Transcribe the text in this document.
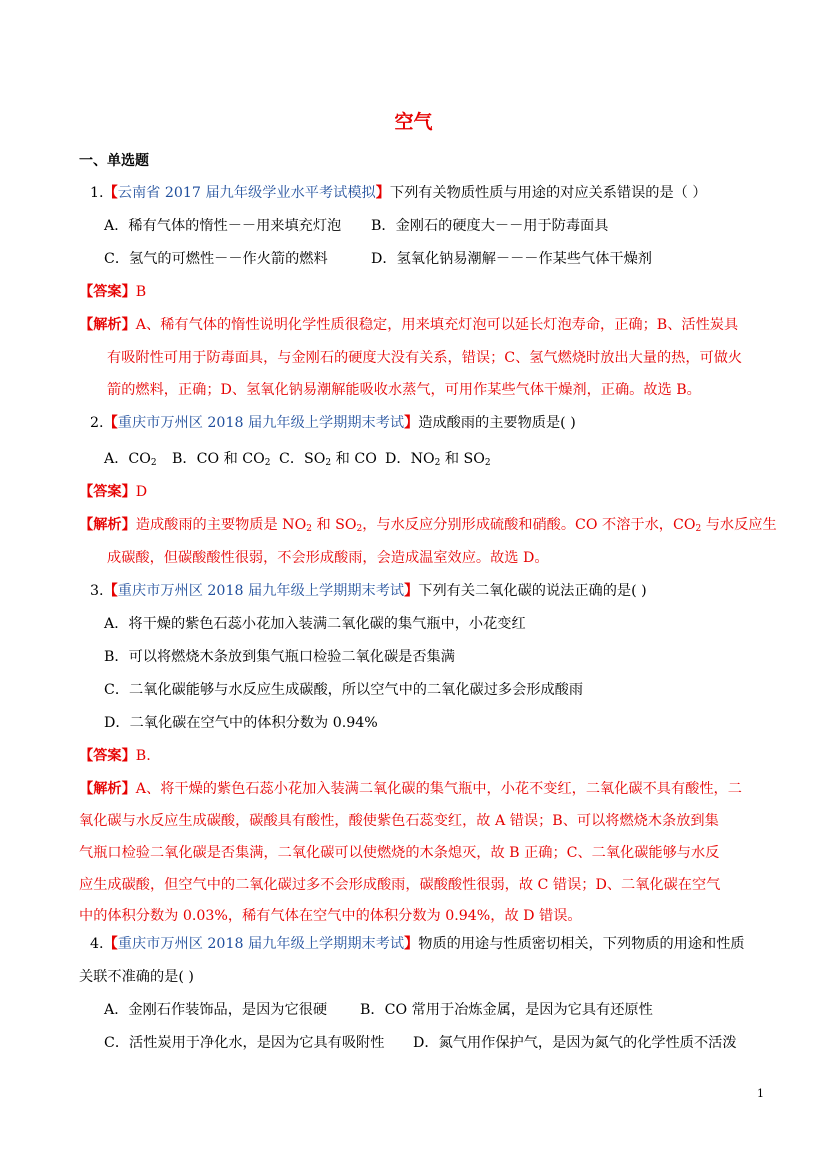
空气
一、单选题
1.【云南省 2017 届九年级学业水平考试模拟】下列有关物质性质与用途的对应关系错误的是（ ）
A．稀有气体的惰性－－用来填充灯泡 B．金刚石的硬度大－－用于防毒面具
C．氢气的可燃性－－作火箭的燃料	D．氢氧化钠易潮解－－－作某些气体干燥剂
【答案】B
【解析】A、稀有气体的惰性说明化学性质很稳定，用来填充灯泡可以延长灯泡寿命，正确；B、活性炭具
有吸附性可用于防毒面具，与金刚石的硬度大没有关系，错误；C、氢气燃烧时放出大量的热，可做火
箭的燃料，正确；D、氢氧化钠易潮解能吸收水蒸气，可用作某些气体干燥剂，正确。故选 B。
2.【重庆市万州区 2018 届九年级上学期期末考试】造成酸雨的主要物质是( )
A．$CO_2$ B．CO 和 $CO_2$ C．$SO_2$ 和 CO D．$NO_2$ 和 $SO_2$
【答案】D
【解析】造成酸雨的主要物质是 $NO_2$ 和 $SO_2$，与水反应分别形成硫酸和硝酸。CO 不溶于水，$CO_2$ 与水反应生
成碳酸，但碳酸酸性很弱，不会形成酸雨，会造成温室效应。故选 D。
3.【重庆市万州区 2018 届九年级上学期期末考试】下列有关二氧化碳的说法正确的是( )
A．将干燥的紫色石蕊小花加入装满二氧化碳的集气瓶中，小花变红
B．可以将燃烧木条放到集气瓶口检验二氧化碳是否集满
C．二氧化碳能够与水反应生成碳酸，所以空气中的二氧化碳过多会形成酸雨
D．二氧化碳在空气中的体积分数为 0.94%
【答案】B.
【解析】A、将干燥的紫色石蕊小花加入装满二氧化碳的集气瓶中，小花不变红，二氧化碳不具有酸性，二
氧化碳与水反应生成碳酸，碳酸具有酸性，酸使紫色石蕊变红，故 A 错误；B、可以将燃烧木条放到集
气瓶口检验二氧化碳是否集满，二氧化碳可以使燃烧的木条熄灭，故 B 正确；C、二氧化碳能够与水反
应生成碳酸，但空气中的二氧化碳过多不会形成酸雨，碳酸酸性很弱，故 C 错误；D、二氧化碳在空气
中的体积分数为 0.03%，稀有气体在空气中的体积分数为 0.94%，故 D 错误。
4.【重庆市万州区 2018 届九年级上学期期末考试】物质的用途与性质密切相关，下列物质的用途和性质
关联不准确的是( )
A．金刚石作装饰品，是因为它很硬 B．CO 常用于冶炼金属，是因为它具有还原性
C．活性炭用于净化水，是因为它具有吸附性 D．氮气用作保护气，是因为氮气的化学性质不活泼
1
